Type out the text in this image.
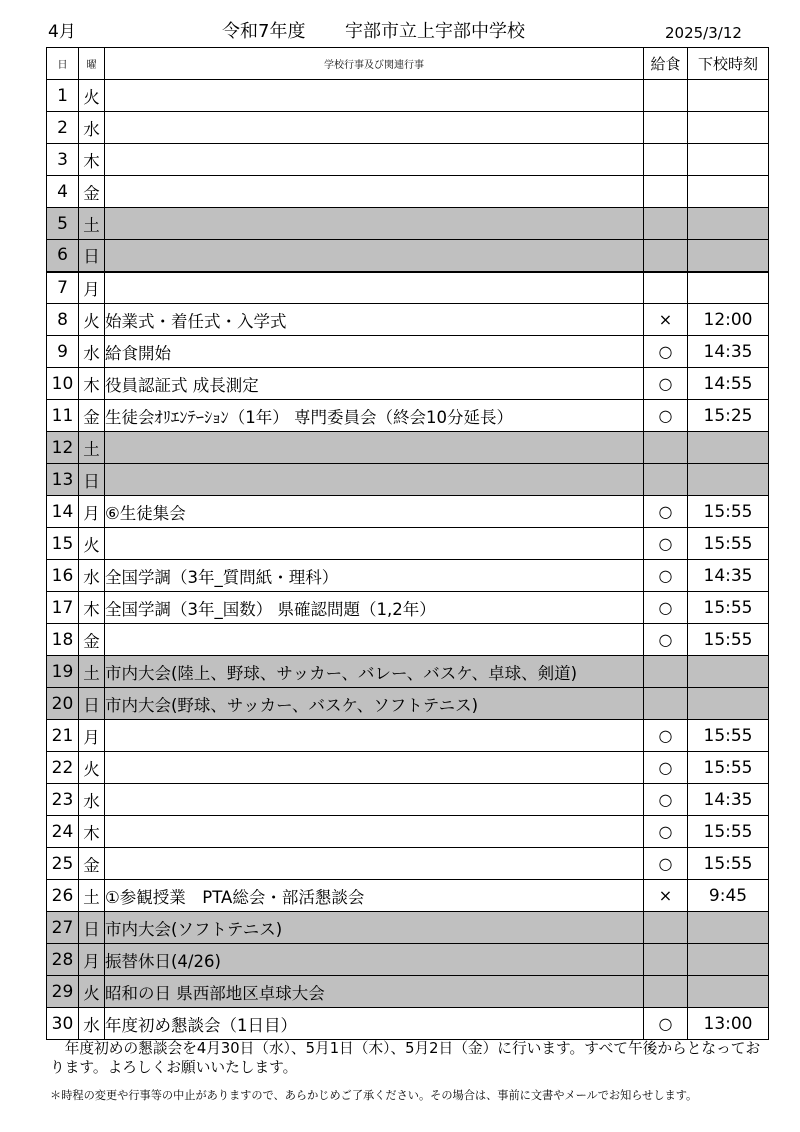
4月	令和7年度 宇部市立上宇部中学校	2025/3/12
日	曜	学校行事及び関連行事	給食	下校時刻
1	火			
2	水			
3	木			
4	金			
5	土			
6	日			
7	月			
8	火	始業式・着任式・入学式	×	12:00
9	水	給食開始	○	14:35
10	木	役員認証式 成長測定	○	14:55
11	金	生徒会ｵﾘｴﾝﾃｰｼｮﾝ（1年） 専門委員会（終会10分延長）	○	15:25
12	土			
13	日			
14	月	⑥生徒集会	○	15:55
15	火		○	15:55
16	水	全国学調（3年_質問紙・理科）	○	14:35
17	木	全国学調（3年_国数） 県確認問題（1,2年）	○	15:55
18	金		○	15:55
19	土	市内大会(陸上、野球、サッカー、バレー、バスケ、卓球、剣道)		
20	日	市内大会(野球、サッカー、バスケ、ソフトテニス)		
21	月		○	15:55
22	火		○	15:55
23	水		○	14:35
24	木		○	15:55
25	金		○	15:55
26	土	①参観授業　PTA総会・部活懇談会	×	9:45
27	日	市内大会(ソフトテニス)		
28	月	振替休日(4/26)		
29	火	昭和の日 県西部地区卓球大会		
30	水	年度初め懇談会（1日目）	○	13:00

年度初めの懇談会を4月30日（水）、5月1日（木）、5月2日（金）に行います。すべて午後からとなっております。よろしくお願いいたします。

＊時程の変更や行事等の中止がありますので、あらかじめご了承ください。その場合は、事前に文書やメールでお知らせします。
